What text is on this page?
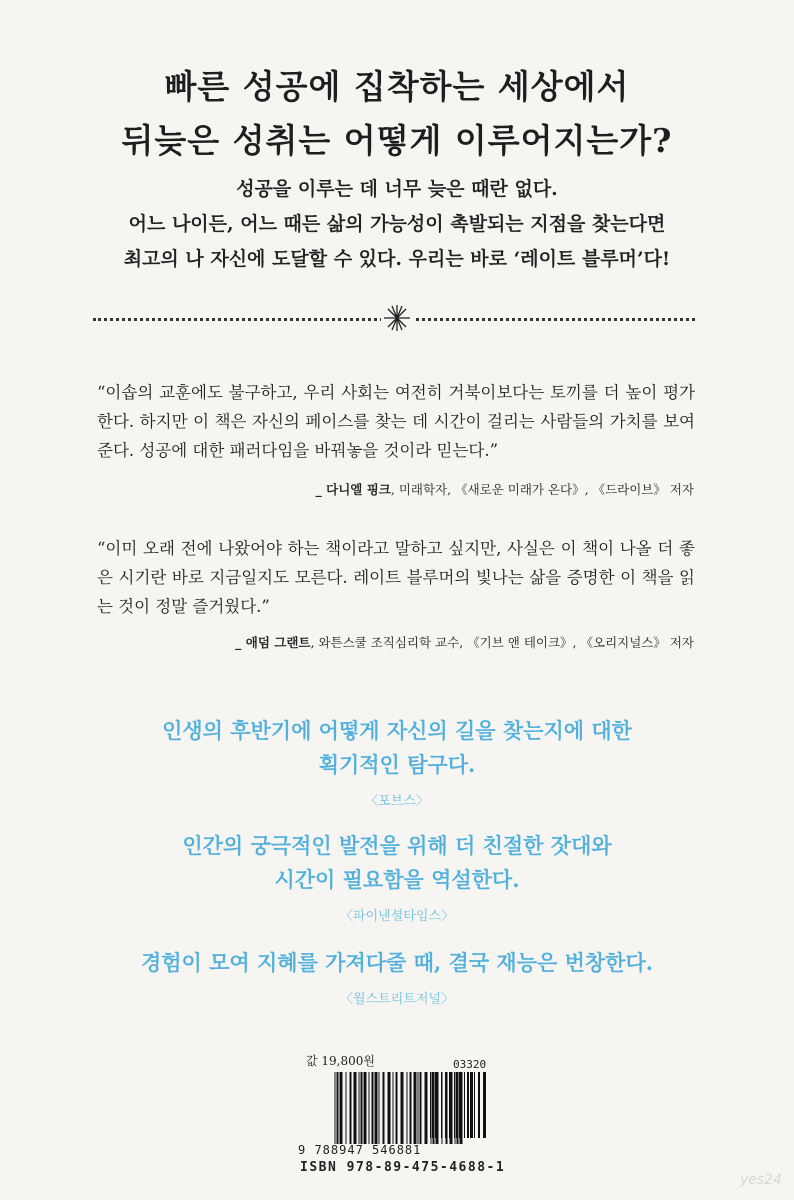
빠른 성공에 집착하는 세상에서
뒤늦은 성취는 어떻게 이루어지는가?
성공을 이루는 데 너무 늦은 때란 없다.
어느 나이든, 어느 때든 삶의 가능성이 촉발되는 지점을 찾는다면
최고의 나 자신에 도달할 수 있다. 우리는 바로 ‘레이트 블루머’다!
“이솝의 교훈에도 불구하고, 우리 사회는 여전히 거북이보다는 토끼를 더 높이 평가한다. 하지만 이 책은 자신의 페이스를 찾는 데 시간이 걸리는 사람들의 가치를 보여준다. 성공에 대한 패러다임을 바꿔놓을 것이라 믿는다.”
_ 다니엘 핑크, 미래학자, 《새로운 미래가 온다》, 《드라이브》 저자
“이미 오래 전에 나왔어야 하는 책이라고 말하고 싶지만, 사실은 이 책이 나올 더 좋은 시기란 바로 지금일지도 모른다. 레이트 블루머의 빛나는 삶을 증명한 이 책을 읽는 것이 정말 즐거웠다.”
_ 애덤 그랜트, 와튼스쿨 조직심리학 교수, 《기브 앤 테이크》, 《오리지널스》 저자
인생의 후반기에 어떻게 자신의 길을 찾는지에 대한
획기적인 탐구다.
〈포브스〉
인간의 궁극적인 발전을 위해 더 친절한 잣대와
시간이 필요함을 역설한다.
〈파이낸셜타임스〉
경험이 모여 지혜를 가져다줄 때, 결국 재능은 번창한다.
〈월스트리트저널〉
값 19,800원	03320
9 788947 546881
ISBN 978-89-475-4688-1
yes24
